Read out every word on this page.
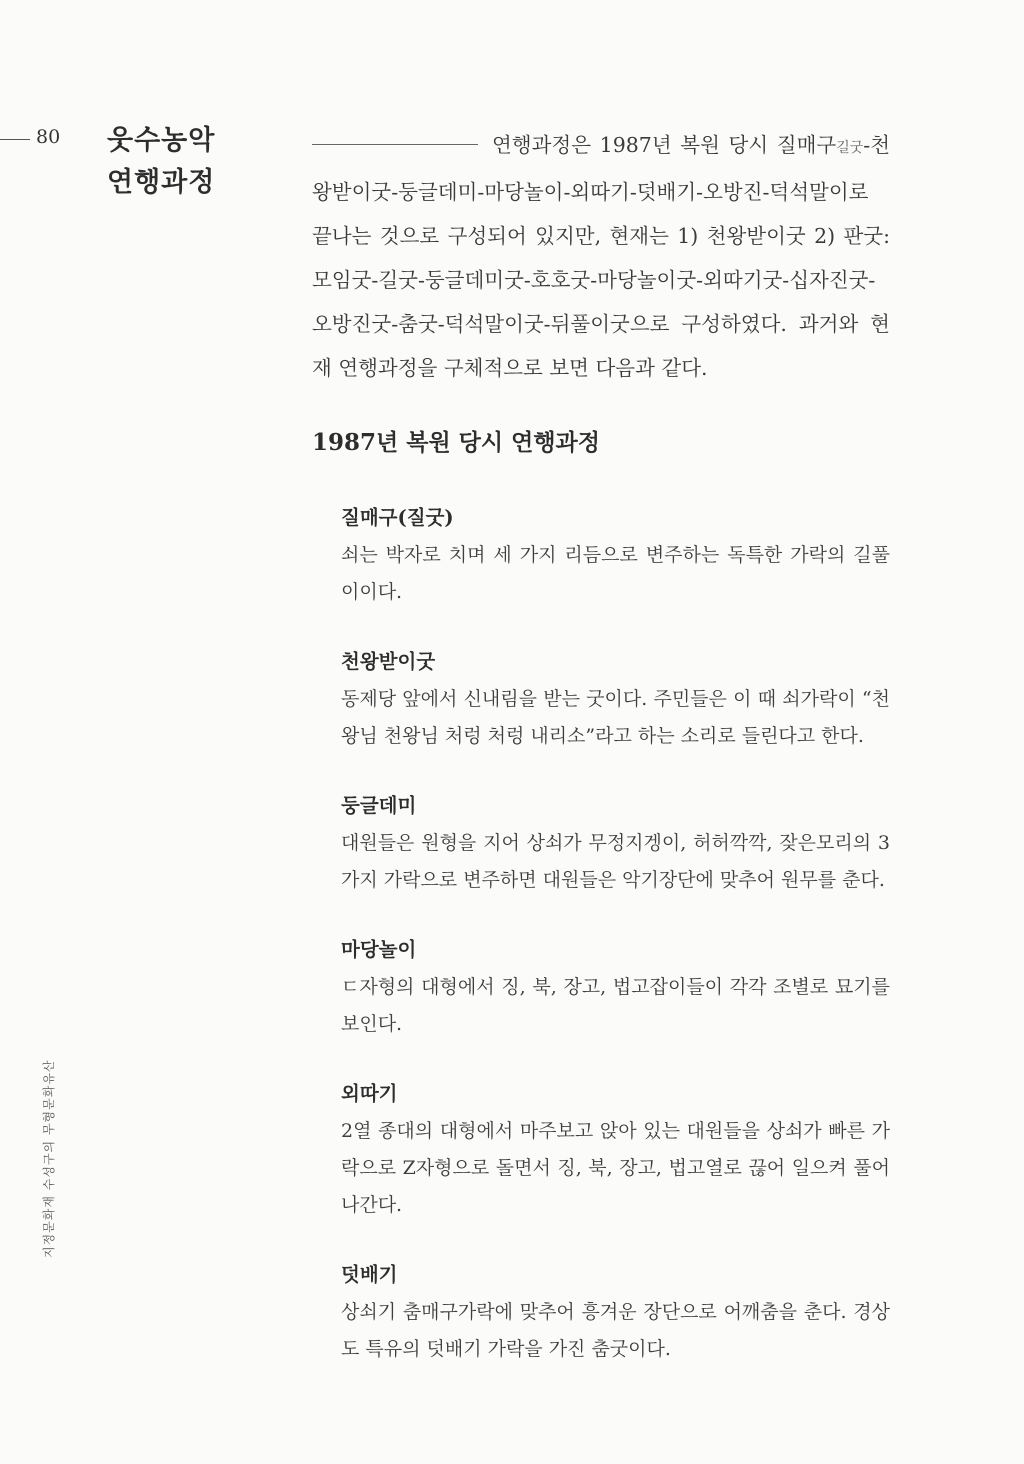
80 웃수농악
연행과정
연행과정은 1987년 복원 당시 질매구길굿-천왕받이굿-둥글데미-마당놀이-외따기-덧배기-오방진-덕석말이로 끝나는 것으로 구성되어 있지만, 현재는 1) 천왕받이굿 2) 판굿: 모임굿-길굿-둥글데미굿-호호굿-마당놀이굿-외따기굿-십자진굿-오방진굿-춤굿-덕석말이굿-뒤풀이굿으로 구성하였다. 과거와 현재 연행과정을 구체적으로 보면 다음과 같다.
1987년 복원 당시 연행과정
질매구(질굿)
쇠는 박자로 치며 세 가지 리듬으로 변주하는 독특한 가락의 길풀이이다.
천왕받이굿
동제당 앞에서 신내림을 받는 굿이다. 주민들은 이 때 쇠가락이 “천왕님 천왕님 처렁 처렁 내리소”라고 하는 소리로 들린다고 한다.
둥글데미
대원들은 원형을 지어 상쇠가 무정지겡이, 허허깍깍, 잦은모리의 3가지 가락으로 변주하면 대원들은 악기장단에 맞추어 원무를 춘다.
마당놀이
ㄷ자형의 대형에서 징, 북, 장고, 법고잡이들이 각각 조별로 묘기를 보인다.
외따기
2열 종대의 대형에서 마주보고 앉아 있는 대원들을 상쇠가 빠른 가락으로 Z자형으로 돌면서 징, 북, 장고, 법고열로 끊어 일으켜 풀어나간다.
덧배기
상쇠기 춤매구가락에 맞추어 흥겨운 장단으로 어깨춤을 춘다. 경상도 특유의 덧배기 가락을 가진 춤굿이다.
지정문화재 수성구의 무형문화유산
